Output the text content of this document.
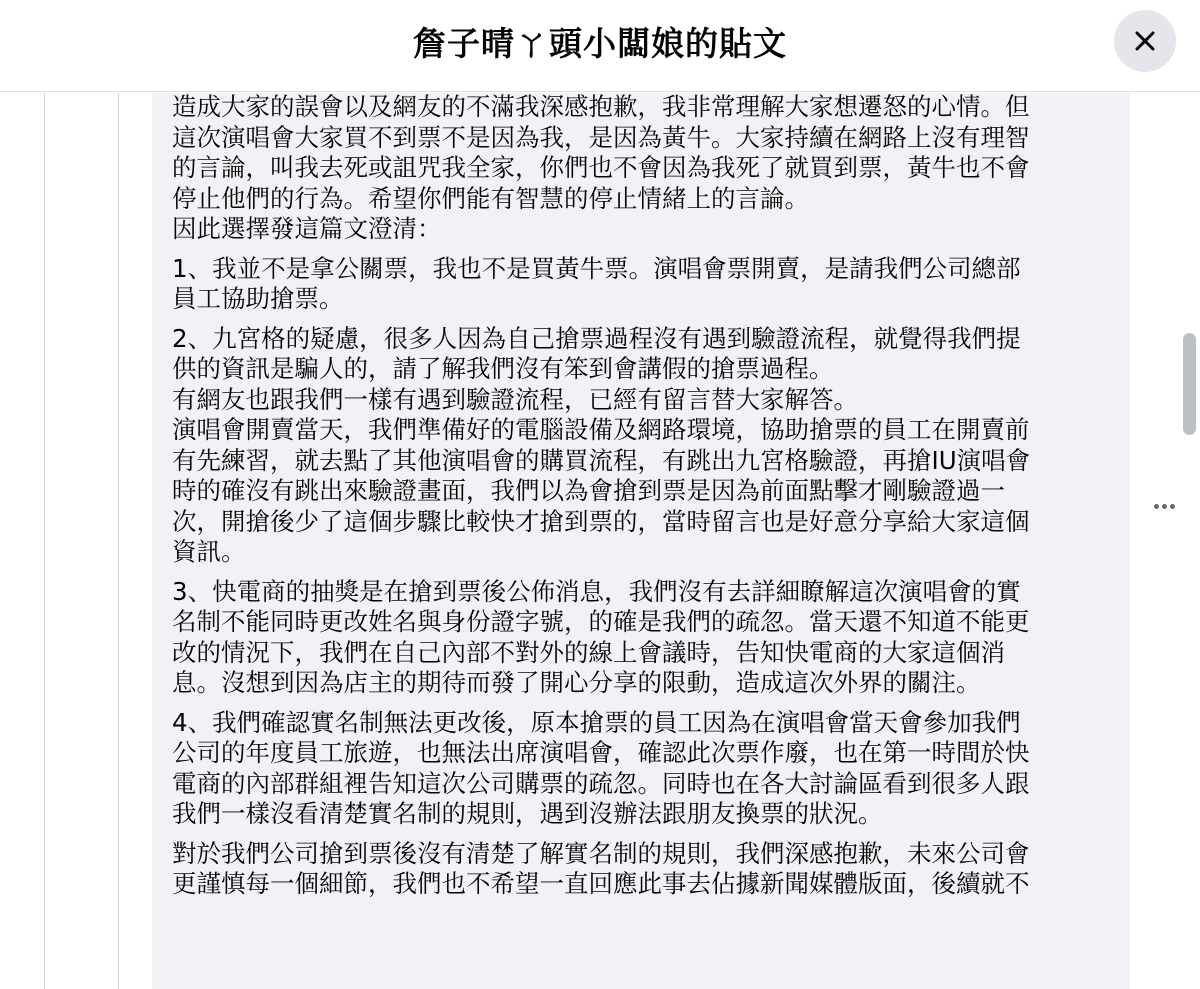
詹子晴ㄚ頭小闆娘的貼文

造成大家的誤會以及網友的不滿我深感抱歉，我非常理解大家想遷怒的心情。但
這次演唱會大家買不到票不是因為我，是因為黃牛。大家持續在網路上沒有理智
的言論，叫我去死或詛咒我全家，你們也不會因為我死了就買到票，黃牛也不會
停止他們的行為。希望你們能有智慧的停止情緒上的言論。
因此選擇發這篇文澄清：

1、我並不是拿公關票，我也不是買黃牛票。演唱會票開賣，是請我們公司總部
員工協助搶票。

2、九宮格的疑慮，很多人因為自己搶票過程沒有遇到驗證流程，就覺得我們提
供的資訊是騙人的，請了解我們沒有笨到會講假的搶票過程。
有網友也跟我們一樣有遇到驗證流程，已經有留言替大家解答。
演唱會開賣當天，我們準備好的電腦設備及網路環境，協助搶票的員工在開賣前
有先練習，就去點了其他演唱會的購買流程，有跳出九宮格驗證，再搶IU演唱會
時的確沒有跳出來驗證畫面，我們以為會搶到票是因為前面點擊才剛驗證過一
次，開搶後少了這個步驟比較快才搶到票的，當時留言也是好意分享給大家這個
資訊。

3、快電商的抽獎是在搶到票後公佈消息，我們沒有去詳細瞭解這次演唱會的實
名制不能同時更改姓名與身份證字號，的確是我們的疏忽。當天還不知道不能更
改的情況下，我們在自己內部不對外的線上會議時，告知快電商的大家這個消
息。沒想到因為店主的期待而發了開心分享的限動，造成這次外界的關注。

4、我們確認實名制無法更改後，原本搶票的員工因為在演唱會當天會參加我們
公司的年度員工旅遊，也無法出席演唱會，確認此次票作廢，也在第一時間於快
電商的內部群組裡告知這次公司購票的疏忽。同時也在各大討論區看到很多人跟
我們一樣沒看清楚實名制的規則，遇到沒辦法跟朋友換票的狀況。

對於我們公司搶到票後沒有清楚了解實名制的規則，我們深感抱歉，未來公司會
更謹慎每一個細節，我們也不希望一直回應此事去佔據新聞媒體版面，後續就不
